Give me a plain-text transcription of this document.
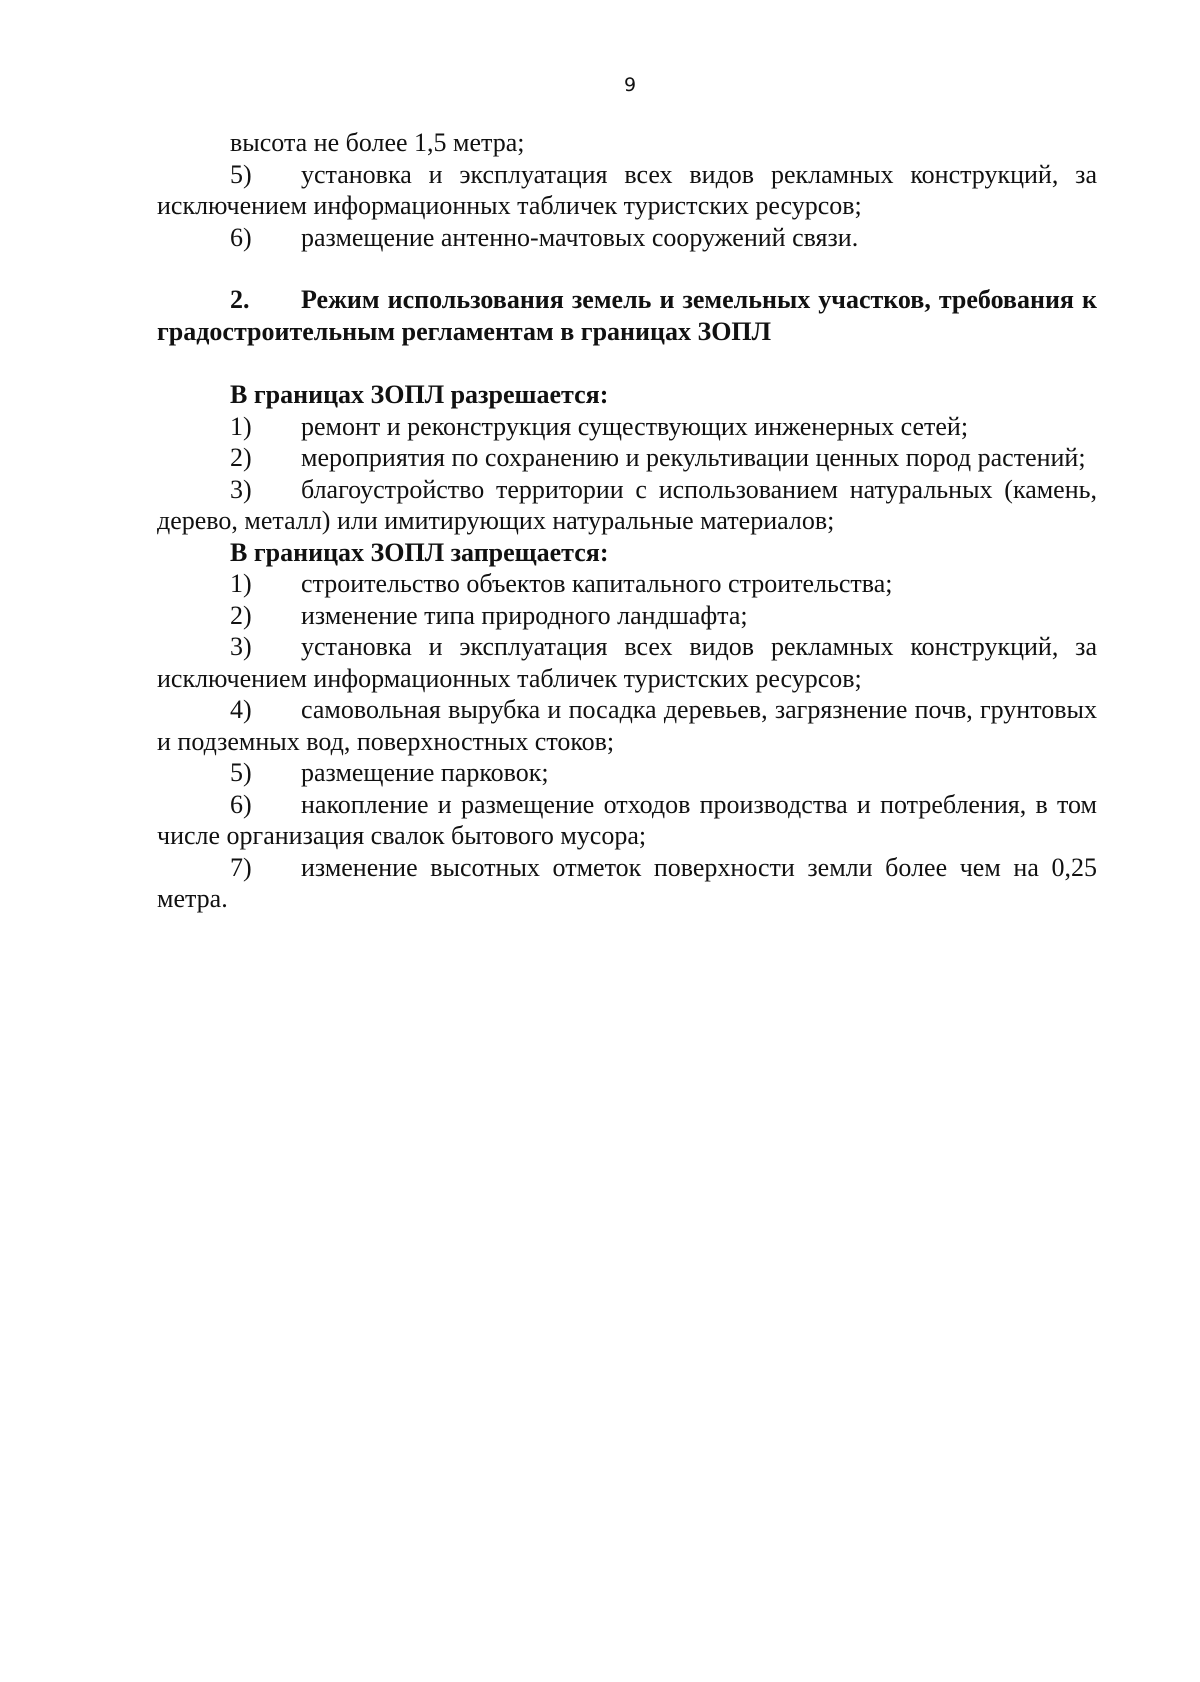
9

высота не более 1,5 метра;

5) установка и эксплуатация всех видов рекламных конструкций, за исключением информационных табличек туристских ресурсов;

6) размещение антенно-мачтовых сооружений связи.

2. Режим использования земель и земельных участков, требования к градостроительным регламентам в границах ЗОПЛ

В границах ЗОПЛ разрешается:

1) ремонт и реконструкция существующих инженерных сетей;

2) мероприятия по сохранению и рекультивации ценных пород растений;

3) благоустройство территории с использованием натуральных (камень, дерево, металл) или имитирующих натуральные материалов;

В границах ЗОПЛ запрещается:

1) строительство объектов капитального строительства;

2) изменение типа природного ландшафта;

3) установка и эксплуатация всех видов рекламных конструкций, за исключением информационных табличек туристских ресурсов;

4) самовольная вырубка и посадка деревьев, загрязнение почв, грунтовых и подземных вод, поверхностных стоков;

5) размещение парковок;

6) накопление и размещение отходов производства и потребления, в том числе организация свалок бытового мусора;

7) изменение высотных отметок поверхности земли более чем на 0,25 метра.
